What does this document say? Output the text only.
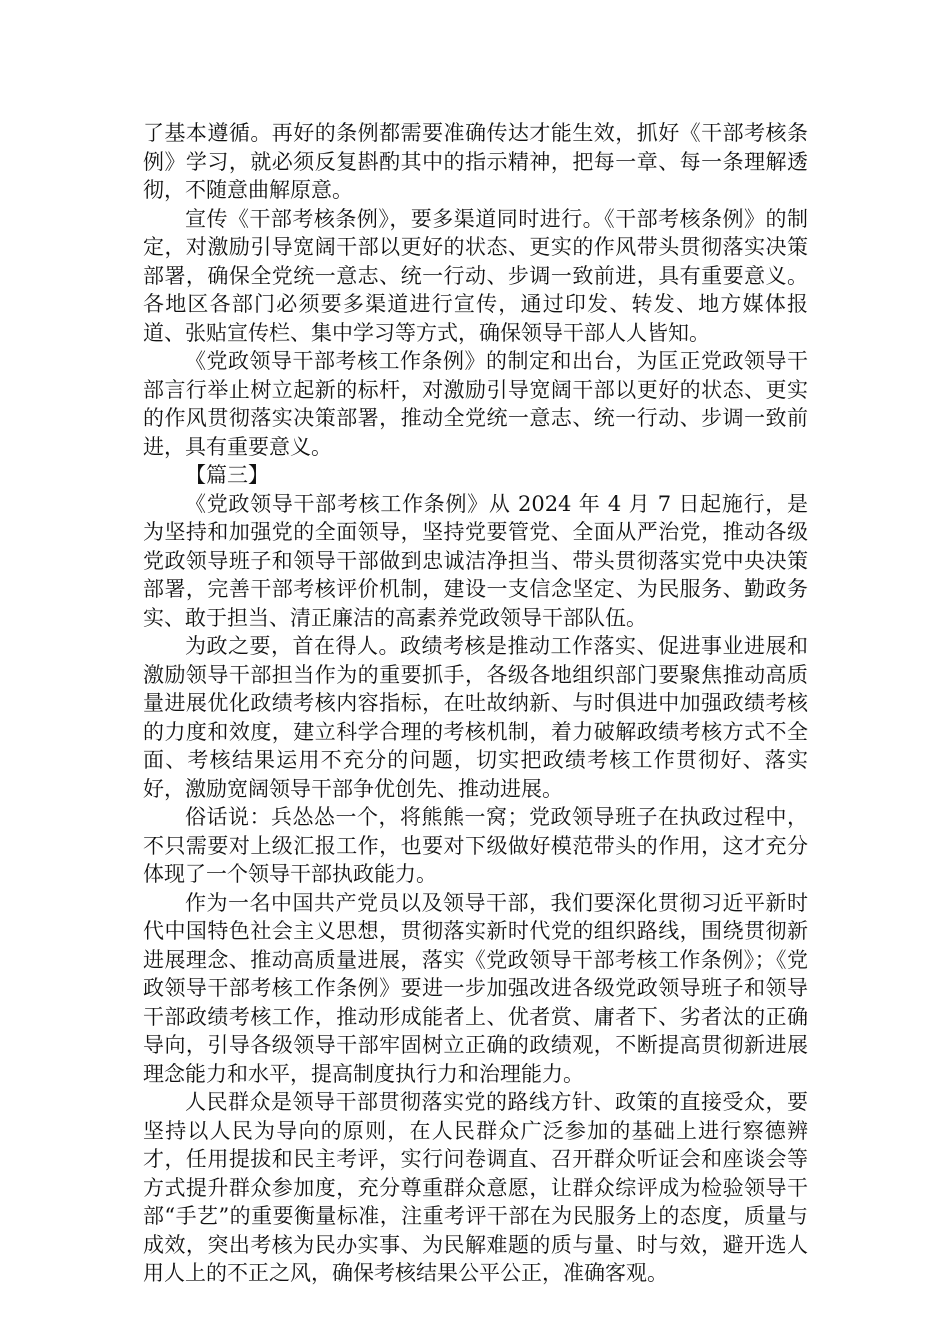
了基本遵循。再好的条例都需要准确传达才能生效，抓好《干部考核条例》学习，就必须反复斟酌其中的指示精神，把每一章、每一条理解透彻，不随意曲解原意。

宣传《干部考核条例》，要多渠道同时进行。《干部考核条例》的制定，对激励引导宽阔干部以更好的状态、更实的作风带头贯彻落实决策部署，确保全党统一意志、统一行动、步调一致前进，具有重要意义。各地区各部门必须要多渠道进行宣传，通过印发、转发、地方媒体报道、张贴宣传栏、集中学习等方式，确保领导干部人人皆知。

《党政领导干部考核工作条例》的制定和出台，为匡正党政领导干部言行举止树立起新的标杆，对激励引导宽阔干部以更好的状态、更实的作风贯彻落实决策部署，推动全党统一意志、统一行动、步调一致前进，具有重要意义。

【篇三】

《党政领导干部考核工作条例》从 2024 年 4 月 7 日起施行，是为坚持和加强党的全面领导，坚持党要管党、全面从严治党，推动各级党政领导班子和领导干部做到忠诚洁净担当、带头贯彻落实党中央决策部署，完善干部考核评价机制，建设一支信念坚定、为民服务、勤政务实、敢于担当、清正廉洁的高素养党政领导干部队伍。

为政之要，首在得人。政绩考核是推动工作落实、促进事业进展和激励领导干部担当作为的重要抓手，各级各地组织部门要聚焦推动高质量进展优化政绩考核内容指标，在吐故纳新、与时俱进中加强政绩考核的力度和效度，建立科学合理的考核机制，着力破解政绩考核方式不全面、考核结果运用不充分的问题，切实把政绩考核工作贯彻好、落实好，激励宽阔领导干部争优创先、推动进展。

俗话说：兵怂怂一个，将熊熊一窝；党政领导班子在执政过程中，不只需要对上级汇报工作，也要对下级做好模范带头的作用，这才充分体现了一个领导干部执政能力。

作为一名中国共产党员以及领导干部，我们要深化贯彻习近平新时代中国特色社会主义思想，贯彻落实新时代党的组织路线，围绕贯彻新进展理念、推动高质量进展，落实《党政领导干部考核工作条例》；《党政领导干部考核工作条例》要进一步加强改进各级党政领导班子和领导干部政绩考核工作，推动形成能者上、优者赏、庸者下、劣者汰的正确导向，引导各级领导干部牢固树立正确的政绩观，不断提高贯彻新进展理念能力和水平，提高制度执行力和治理能力。

人民群众是领导干部贯彻落实党的路线方针、政策的直接受众，要坚持以人民为导向的原则，在人民群众广泛参加的基础上进行察德辨才，任用提拔和民主考评，实行问卷调直、召开群众听证会和座谈会等方式提升群众参加度，充分尊重群众意愿，让群众综评成为检验领导干部“手艺”的重要衡量标准，注重考评干部在为民服务上的态度，质量与成效，突出考核为民办实事、为民解难题的质与量、时与效，避开选人用人上的不正之风，确保考核结果公平公正，准确客观。
